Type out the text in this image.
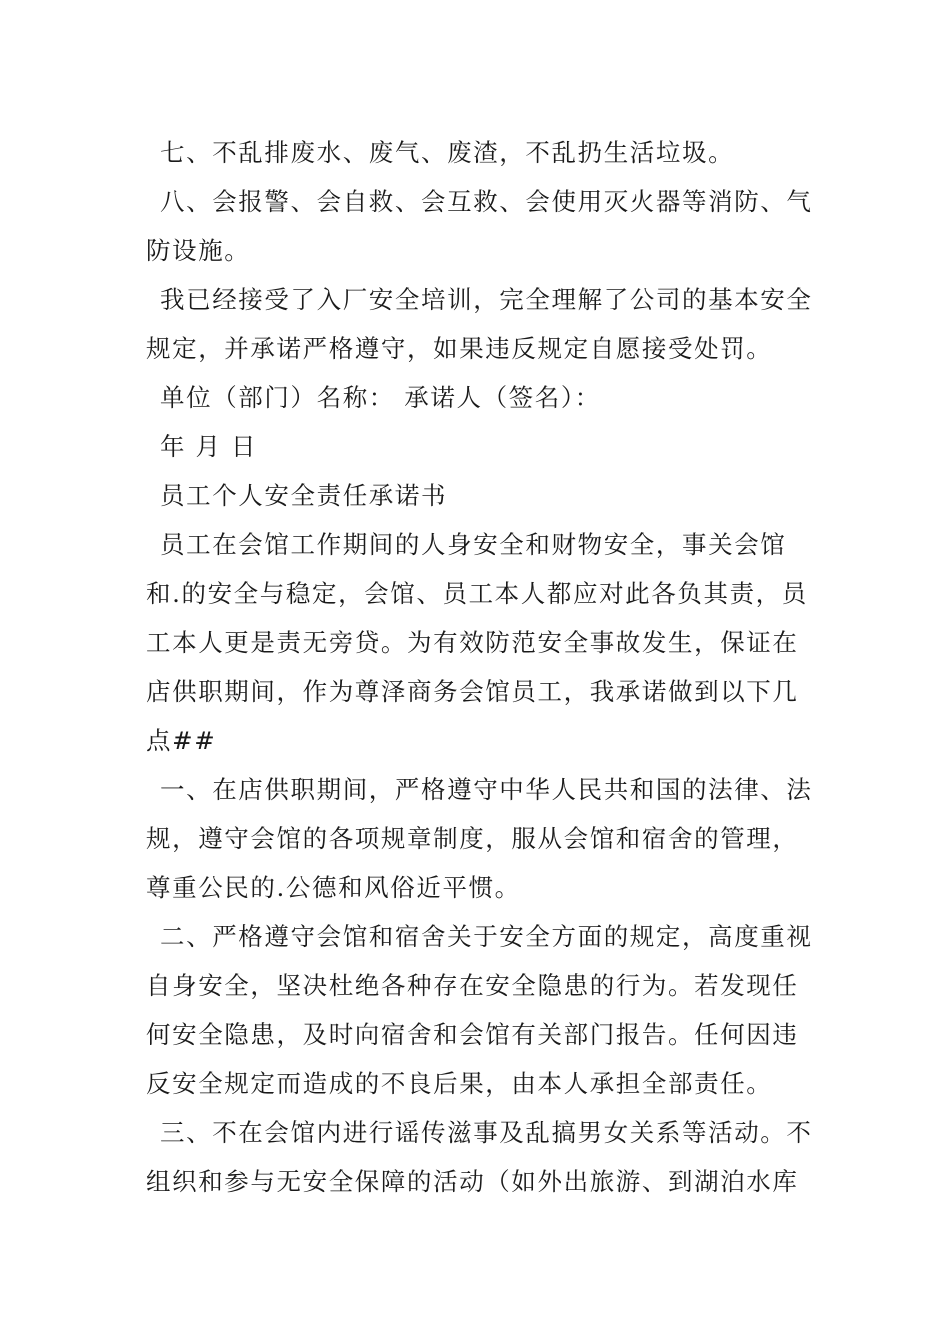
七、不乱排废水、废气、废渣，不乱扔生活垃圾。

八、会报警、会自救、会互救、会使用灭火器等消防、气防设施。

我已经接受了入厂安全培训，完全理解了公司的基本安全规定，并承诺严格遵守，如果违反规定自愿接受处罚。

单位（部门）名称： 承诺人（签名）：

年 月 日

员工个人安全责任承诺书

员工在会馆工作期间的人身安全和财物安全，事关会馆和.的安全与稳定，会馆、员工本人都应对此各负其责，员工本人更是责无旁贷。为有效防范安全事故发生，保证在店供职期间，作为尊泽商务会馆员工，我承诺做到以下几点##

一、在店供职期间，严格遵守中华人民共和国的法律、法规，遵守会馆的各项规章制度，服从会馆和宿舍的管理，尊重公民的.公德和风俗近平惯。

二、严格遵守会馆和宿舍关于安全方面的规定，高度重视自身安全，坚决杜绝各种存在安全隐患的行为。若发现任何安全隐患，及时向宿舍和会馆有关部门报告。任何因违反安全规定而造成的不良后果，由本人承担全部责任。

三、不在会馆内进行谣传滋事及乱搞男女关系等活动。不组织和参与无安全保障的活动（如外出旅游、到湖泊水库
